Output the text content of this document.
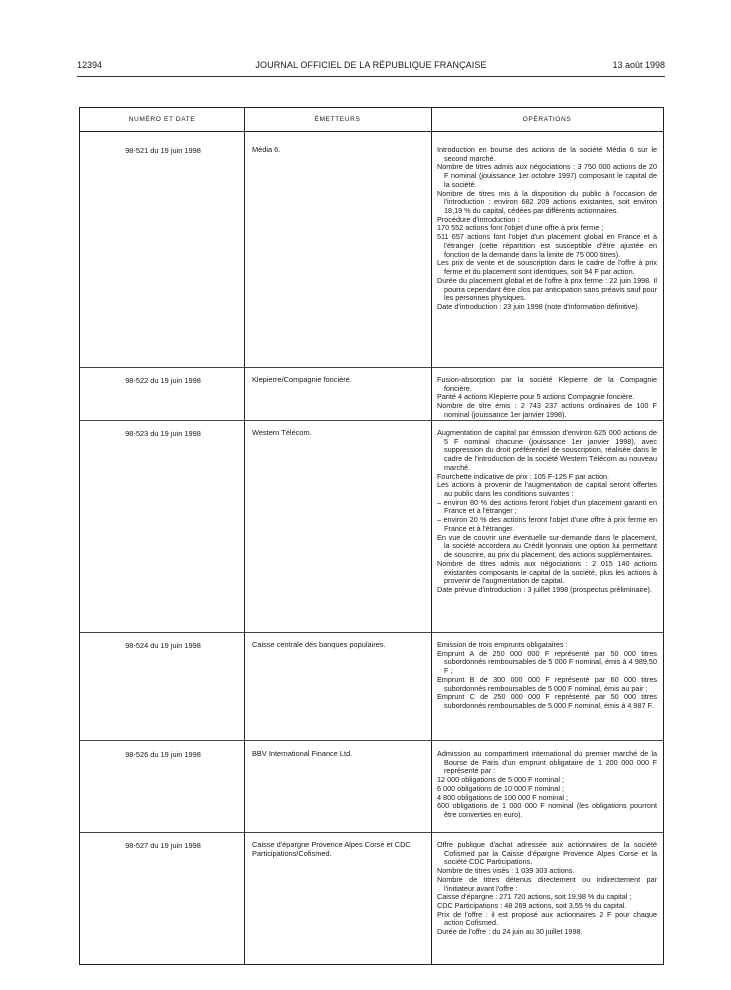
12394	JOURNAL OFFICIEL DE LA RÉPUBLIQUE FRANÇAISE	13 août 1998
NUMÉRO ET DATE	ÉMETTEURS	OPÉRATIONS
98-521 du 19 juin 1998	Média 6.	Introduction en bourse des actions de la société Média 6 sur le second marché.

Nombre de titres admis aux négociations : 3 750 000 actions de 20 F nominal (jouissance 1er octobre 1997) composant le capital de la société.

Nombre de titres mis à la disposition du public à l'occasion de l'introduction : environ 682 209 actions existantes, soit environ 18,19 % du capital, cédées par différents actionnaires.

Procédure d'introduction :

170 552 actions font l'objet d'une offre à prix ferme ;

511 657 actions font l'objet d'un placement global en France et à l'étranger (cette répartition est susceptible d'être ajustée en fonction de la demande dans la limite de 75 000 titres).

Les prix de vente et de souscription dans le cadre de l'offre à prix ferme et du placement sont identiques, soit 94 F par action.

Durée du placement global et de l'offre à prix ferme : 22 juin 1998. Il pourra cependant être clos par anticipation sans préavis sauf pour les personnes physiques.

Date d'introduction : 23 juin 1998 (note d'information définitive).

98-522 du 19 juin 1998	Klepierre/Compagnie foncière.	Fusion-absorption par la société Klepierre de la Compagnie foncière.

Parité 4 actions Klepierre pour 5 actions Compagnie foncière.

Nombre de titre émis : 2 743 237 actions ordinaires de 100 F nominal (jouissance 1er janvier 1998).

98-523 du 19 juin 1998	Western Télécom.	Augmentation de capital par émission d'environ 625 000 actions de 5 F nominal chacune (jouissance 1er janvier 1998), avec suppression du droit préférentiel de souscription, réalisée dans le cadre de l'introduction de la société Western Télécom au nouveau marché.

Fourchette indicative de prix : 105 F-125 F par action.

Les actions à provenir de l'augmentation de capital seront offertes au public dans les conditions suivantes :

– environ 80 % des actions feront l'objet d'un placement garanti en France et à l'étranger ;

– environ 20 % des actions feront l'objet d'une offre à prix ferme en France et à l'étranger.

En vue de couvrir une éventuelle sur-demande dans le placement, la société accordera au Crédit lyonnais une option lui permettant de souscrire, au prix du placement, des actions supplémentaires.

Nombre de titres admis aux négociations : 2 015 140 actions existantes composants le capital de la société, plus les actions à provenir de l'augmentation de capital.

Date prévue d'introduction : 3 juillet 1998 (prospectus préliminaire).

98-524 du 19 juin 1998	Caisse centrale des banques populaires.	Emission de trois emprunts obligataires :

Emprunt A de 250 000 000 F représenté par 50 000 titres subordonnés remboursables de 5 000 F nominal, émis à 4 989,50 F ;

Emprunt B de 300 000 000 F représenté par 60 000 titres subordonnés remboursables de 5 000 F nominal, émis au pair ;

Emprunt C de 250 000 000 F représenté par 50 000 titres subordonnés remboursables de 5 000 F nominal, émis à 4 987 F.

98-526 du 19 juin 1998	BBV International Finance Ltd.	Admission au compartiment international du premier marché de la Bourse de Paris d'un emprunt obligataire de 1 200 000 000 F représenté par :

12 000 obligations de 5 000 F nominal ;

6 000 obligations de 10 000 F nominal ;

4 800 obligations de 100 000 F nominal ;

600 obligations de 1 000 000 F nominal (les obligations pourront être converties en euro).

98-527 du 19 juin 1998	Caisse d'épargne Provence Alpes Corse et CDC Participations/Cofismed.

Offre publique d'achat adressée aux actionnaires de la société Cofismed par la Caisse d'épargne Provence Alpes Corse et la société CDC Participations.

Nombre de titres visés : 1 039 303 actions.

Nombre de titres détenus directement ou indirectement par l'initiateur avant l'offre :

Caisse d'épargne : 271 720 actions, soit 19,98 % du capital ;

CDC Participations : 48 269 actions, soit 3,55 % du capital.

Prix de l'offre : il est proposé aux actionnaires 2 F pour chaque action Cofismed.

Durée de l'offre : du 24 juin au 30 juillet 1998.
